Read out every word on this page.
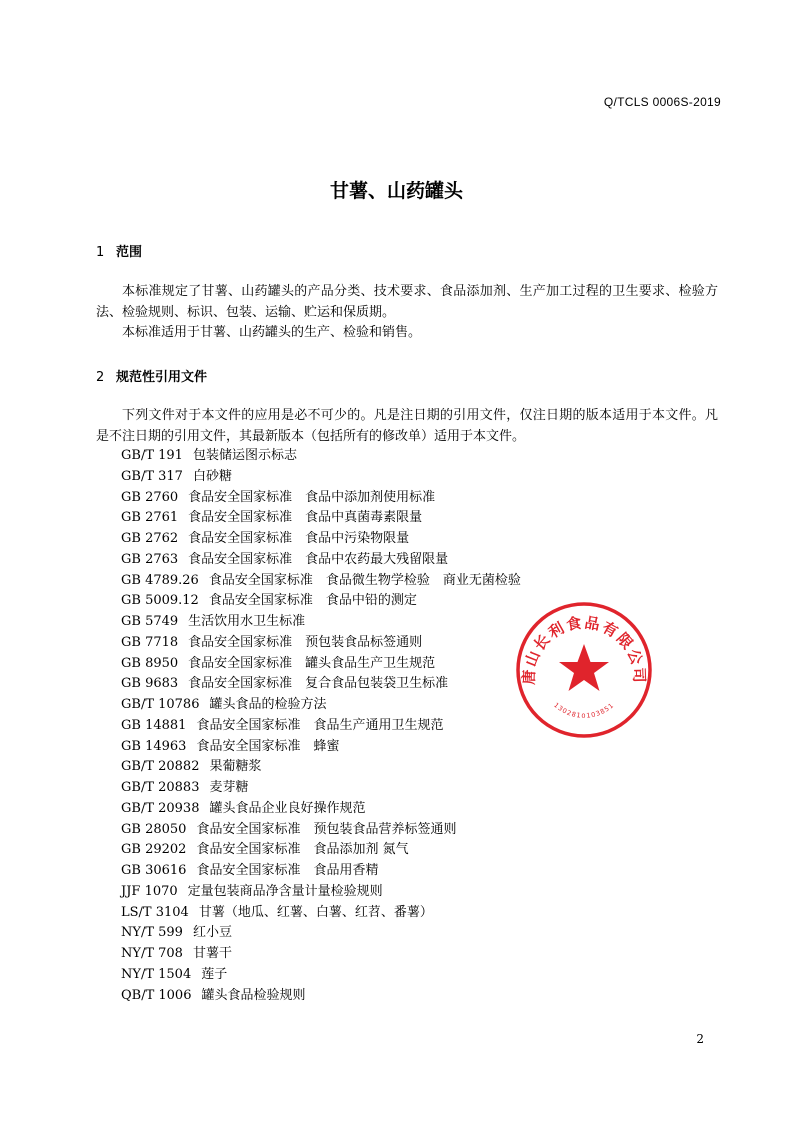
Q/TCLS 0006S-2019
甘薯、山药罐头
1 范围
本标准规定了甘薯、山药罐头的产品分类、技术要求、食品添加剂、生产加工过程的卫生要求、检验方法、检验规则、标识、包装、运输、贮运和保质期。
本标准适用于甘薯、山药罐头的生产、检验和销售。
2 规范性引用文件
下列文件对于本文件的应用是必不可少的。凡是注日期的引用文件，仅注日期的版本适用于本文件。凡是不注日期的引用文件，其最新版本（包括所有的修改单）适用于本文件。
GB/T 191 包装储运图示标志
GB/T 317 白砂糖
GB 2760 食品安全国家标准　食品中添加剂使用标准
GB 2761 食品安全国家标准　食品中真菌毒素限量
GB 2762 食品安全国家标准　食品中污染物限量
GB 2763 食品安全国家标准　食品中农药最大残留限量
GB 4789.26 食品安全国家标准　食品微生物学检验　商业无菌检验
GB 5009.12 食品安全国家标准　食品中铅的测定
GB 5749 生活饮用水卫生标准
GB 7718 食品安全国家标准　预包装食品标签通则
GB 8950 食品安全国家标准　罐头食品生产卫生规范
GB 9683 食品安全国家标准　复合食品包装袋卫生标准
GB/T 10786 罐头食品的检验方法
GB 14881 食品安全国家标准　食品生产通用卫生规范
GB 14963 食品安全国家标准　蜂蜜
GB/T 20882 果葡糖浆
GB/T 20883 麦芽糖
GB/T 20938 罐头食品企业良好操作规范
GB 28050 食品安全国家标准　预包装食品营养标签通则
GB 29202 食品安全国家标准　食品添加剂 氮气
GB 30616 食品安全国家标准　食品用香精
JJF 1070 定量包装商品净含量计量检验规则
LS/T 3104 甘薯（地瓜、红薯、白薯、红苕、番薯）
NY/T 599 红小豆
NY/T 708 甘薯干
NY/T 1504 莲子
QB/T 1006 罐头食品检验规则
唐山长利食品有限公司
1302810103851
2
